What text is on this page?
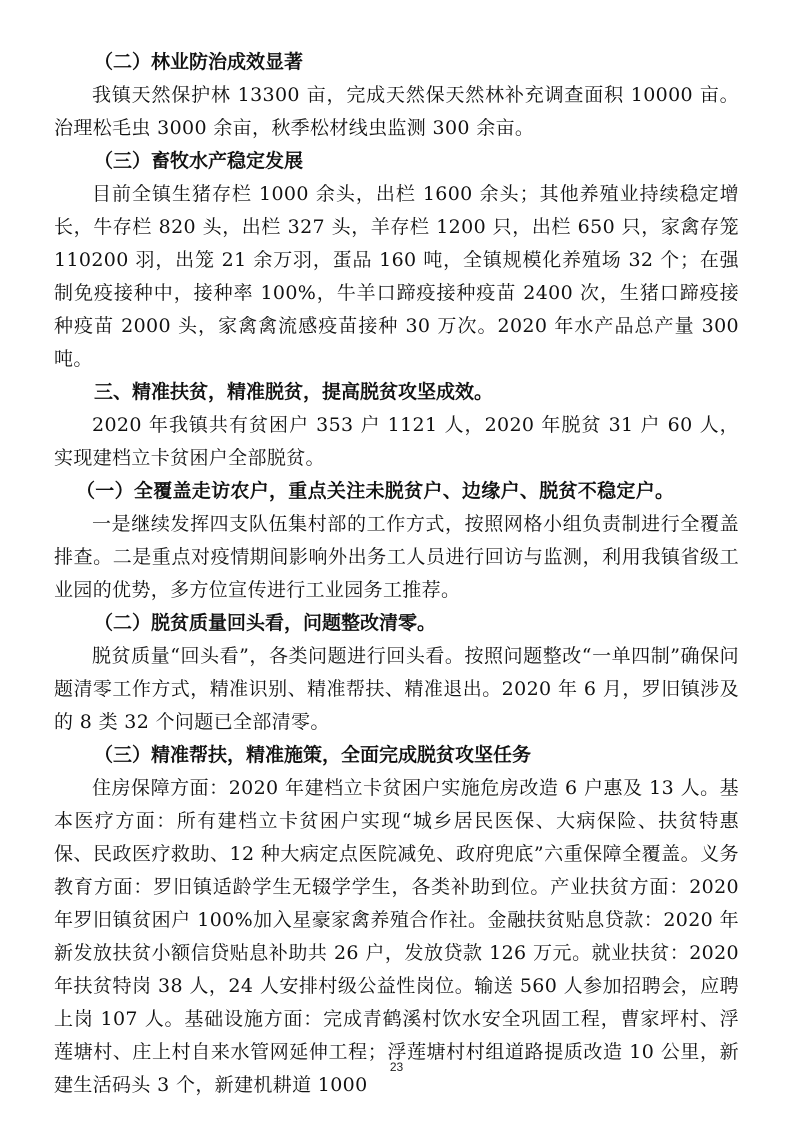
（二）林业防治成效显著

我镇天然保护林 13300 亩，完成天然保天然林补充调查面积 10000 亩。治理松毛虫 3000 余亩，秋季松材线虫监测 300 余亩。

（三）畜牧水产稳定发展

目前全镇生猪存栏 1000 余头，出栏 1600 余头；其他养殖业持续稳定增长，牛存栏 820 头，出栏 327 头，羊存栏 1200 只，出栏 650 只，家禽存笼 110200 羽，出笼 21 余万羽，蛋品 160 吨，全镇规模化养殖场 32 个；在强制免疫接种中，接种率 100%，牛羊口蹄疫接种疫苗 2400 次，生猪口蹄疫接种疫苗 2000 头，家禽禽流感疫苗接种 30 万次。2020 年水产品总产量 300 吨。

三、精准扶贫，精准脱贫，提高脱贫攻坚成效。

2020 年我镇共有贫困户 353 户 1121 人，2020 年脱贫 31 户 60 人，实现建档立卡贫困户全部脱贫。

（一）全覆盖走访农户，重点关注未脱贫户、边缘户、脱贫不稳定户。

一是继续发挥四支队伍集村部的工作方式，按照网格小组负责制进行全覆盖排查。二是重点对疫情期间影响外出务工人员进行回访与监测，利用我镇省级工业园的优势，多方位宣传进行工业园务工推荐。

（二）脱贫质量回头看，问题整改清零。

脱贫质量“回头看”，各类问题进行回头看。按照问题整改“一单四制”确保问题清零工作方式，精准识别、精准帮扶、精准退出。2020 年 6 月，罗旧镇涉及的 8 类 32 个问题已全部清零。

（三）精准帮扶，精准施策，全面完成脱贫攻坚任务

住房保障方面：2020 年建档立卡贫困户实施危房改造 6 户惠及 13 人。基本医疗方面：所有建档立卡贫困户实现“城乡居民医保、大病保险、扶贫特惠保、民政医疗救助、12 种大病定点医院减免、政府兜底”六重保障全覆盖。义务教育方面：罗旧镇适龄学生无辍学学生，各类补助到位。产业扶贫方面：2020 年罗旧镇贫困户 100%加入星豪家禽养殖合作社。金融扶贫贴息贷款：2020 年新发放扶贫小额信贷贴息补助共 26 户，发放贷款 126 万元。就业扶贫：2020 年扶贫特岗 38 人，24 人安排村级公益性岗位。输送 560 人参加招聘会，应聘上岗 107 人。基础设施方面：完成青鹤溪村饮水安全巩固工程，曹家坪村、浮莲塘村、庄上村自来水管网延伸工程；浮莲塘村村组道路提质改造 10 公里，新建生活码头 3 个，新建机耕道 1000

23
